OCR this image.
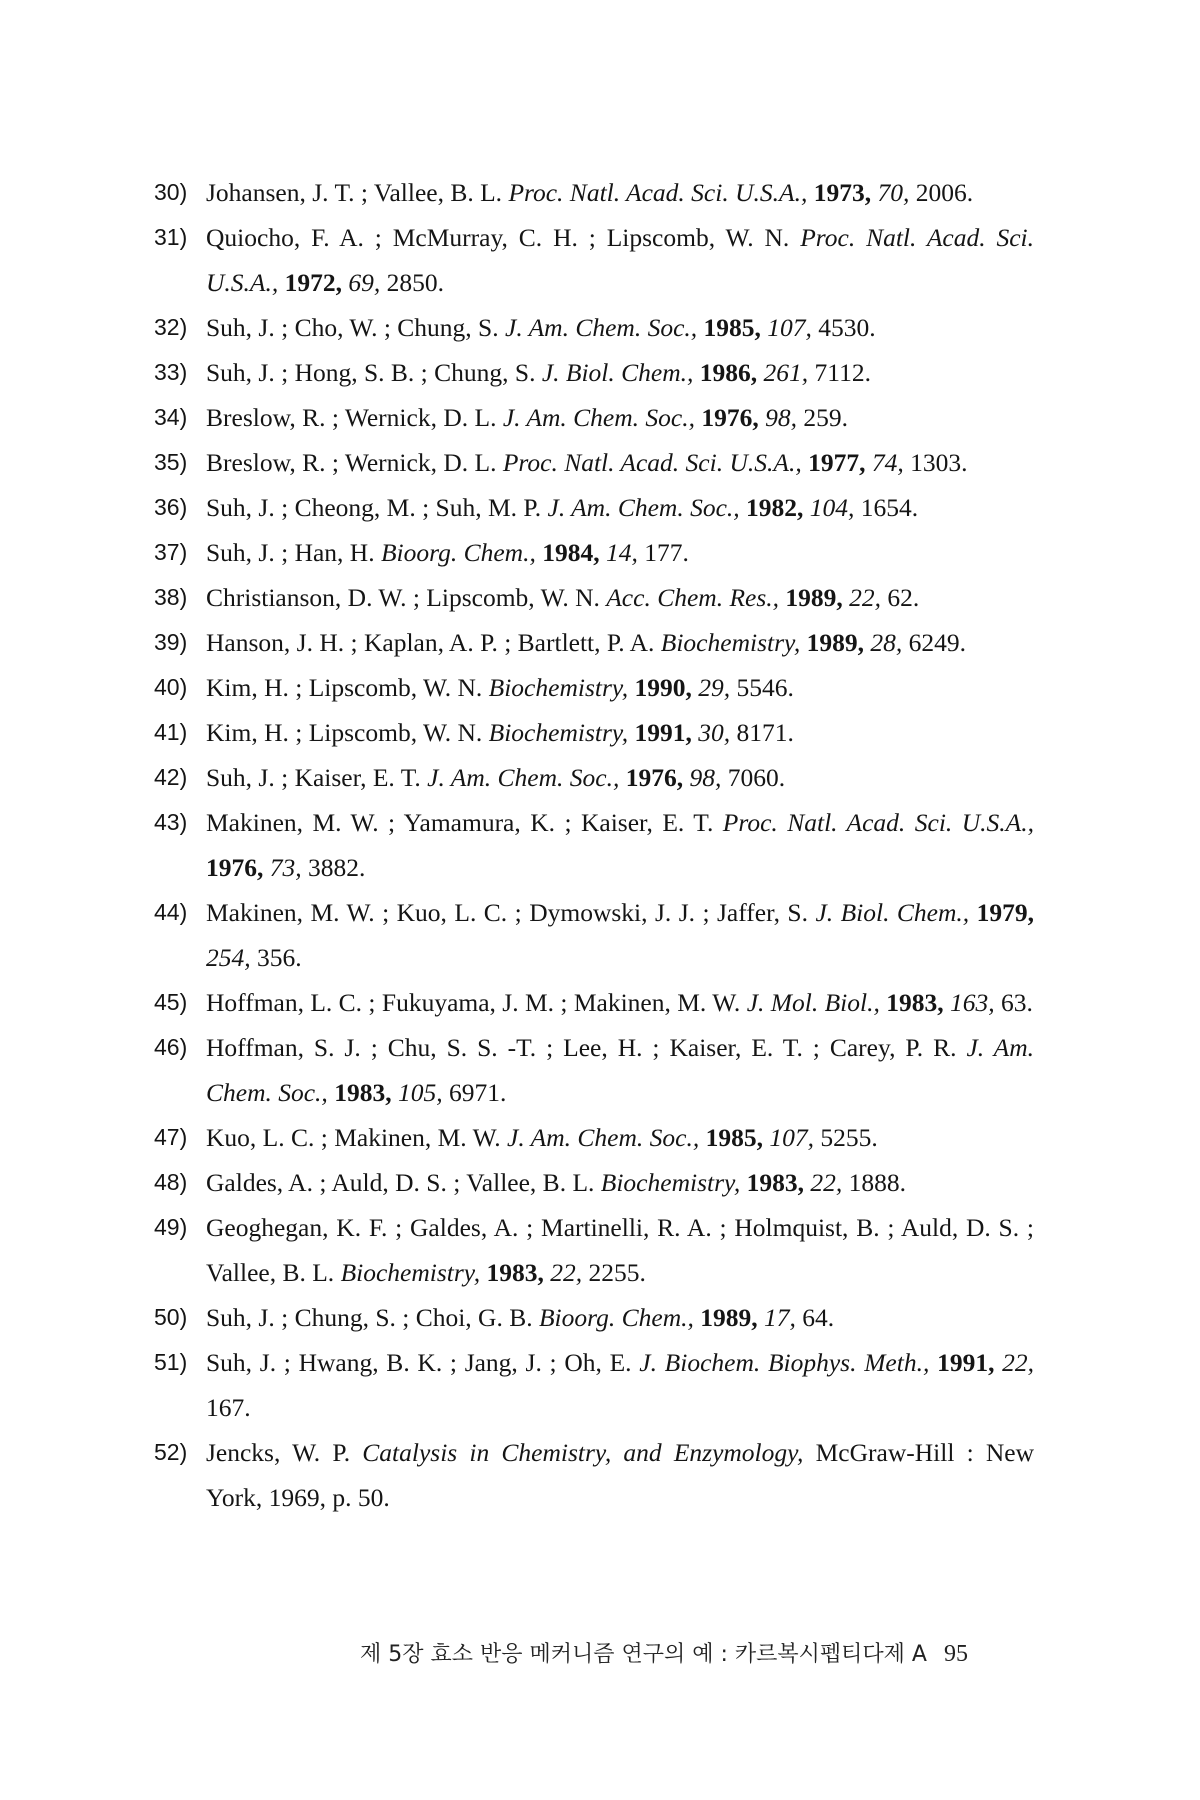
30) Johansen, J. T. ; Vallee, B. L. Proc. Natl. Acad. Sci. U.S.A., 1973, 70, 2006.
31) Quiocho, F. A. ; McMurray, C. H. ; Lipscomb, W. N. Proc. Natl. Acad. Sci. U.S.A., 1972, 69, 2850.
32) Suh, J. ; Cho, W. ; Chung, S. J. Am. Chem. Soc., 1985, 107, 4530.
33) Suh, J. ; Hong, S. B. ; Chung, S. J. Biol. Chem., 1986, 261, 7112.
34) Breslow, R. ; Wernick, D. L. J. Am. Chem. Soc., 1976, 98, 259.
35) Breslow, R. ; Wernick, D. L. Proc. Natl. Acad. Sci. U.S.A., 1977, 74, 1303.
36) Suh, J. ; Cheong, M. ; Suh, M. P. J. Am. Chem. Soc., 1982, 104, 1654.
37) Suh, J. ; Han, H. Bioorg. Chem., 1984, 14, 177.
38) Christianson, D. W. ; Lipscomb, W. N. Acc. Chem. Res., 1989, 22, 62.
39) Hanson, J. H. ; Kaplan, A. P. ; Bartlett, P. A. Biochemistry, 1989, 28, 6249.
40) Kim, H. ; Lipscomb, W. N. Biochemistry, 1990, 29, 5546.
41) Kim, H. ; Lipscomb, W. N. Biochemistry, 1991, 30, 8171.
42) Suh, J. ; Kaiser, E. T. J. Am. Chem. Soc., 1976, 98, 7060.
43) Makinen, M. W. ; Yamamura, K. ; Kaiser, E. T. Proc. Natl. Acad. Sci. U.S.A., 1976, 73, 3882.
44) Makinen, M. W. ; Kuo, L. C. ; Dymowski, J. J. ; Jaffer, S. J. Biol. Chem., 1979, 254, 356.
45) Hoffman, L. C. ; Fukuyama, J. M. ; Makinen, M. W. J. Mol. Biol., 1983, 163, 63.
46) Hoffman, S. J. ; Chu, S. S. -T. ; Lee, H. ; Kaiser, E. T. ; Carey, P. R. J. Am. Chem. Soc., 1983, 105, 6971.
47) Kuo, L. C. ; Makinen, M. W. J. Am. Chem. Soc., 1985, 107, 5255.
48) Galdes, A. ; Auld, D. S. ; Vallee, B. L. Biochemistry, 1983, 22, 1888.
49) Geoghegan, K. F. ; Galdes, A. ; Martinelli, R. A. ; Holmquist, B. ; Auld, D. S. ; Vallee, B. L. Biochemistry, 1983, 22, 2255.
50) Suh, J. ; Chung, S. ; Choi, G. B. Bioorg. Chem., 1989, 17, 64.
51) Suh, J. ; Hwang, B. K. ; Jang, J. ; Oh, E. J. Biochem. Biophys. Meth., 1991, 22, 167.
52) Jencks, W. P. Catalysis in Chemistry, and Enzymology, McGraw-Hill : New York, 1969, p. 50.
제 5장 효소 반응 메커니즘 연구의 예 : 카르복시펩티다제 A 95
